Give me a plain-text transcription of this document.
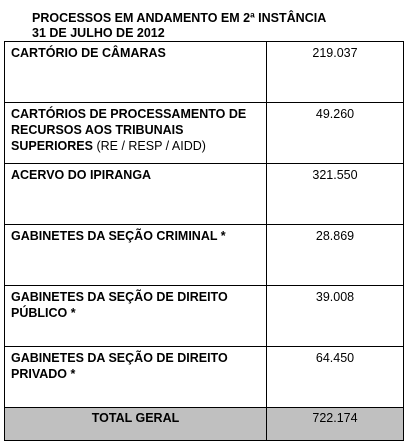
PROCESSOS EM ANDAMENTO EM 2ª INSTÂNCIA
31 DE JULHO DE 2012
CARTÓRIO DE CÂMARAS	219.037
CARTÓRIOS DE PROCESSAMENTO DE RECURSOS AOS TRIBUNAIS SUPERIORES (RE / RESP / AIDD)	49.260
ACERVO DO IPIRANGA	321.550
GABINETES DA SEÇÃO CRIMINAL *	28.869
GABINETES DA SEÇÃO DE DIREITO PÚBLICO *	39.008
GABINETES DA SEÇÃO DE DIREITO PRIVADO *	64.450
TOTAL GERAL	722.174
